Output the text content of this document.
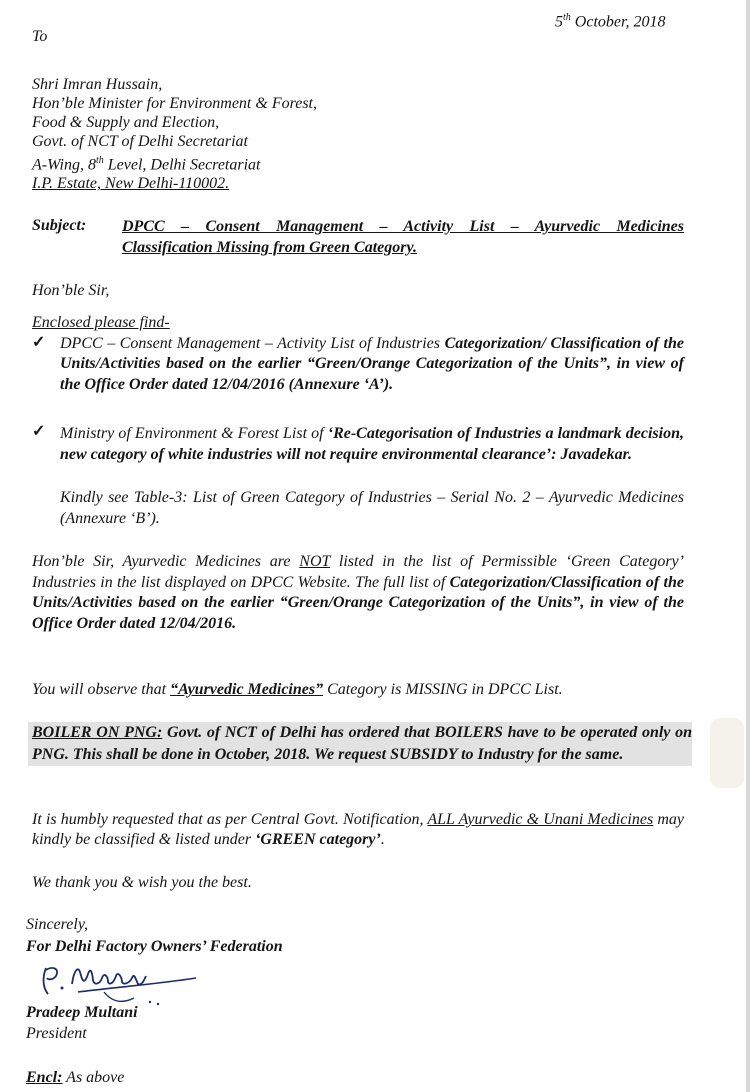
5th October, 2018
To
Shri Imran Hussain,
Hon’ble Minister for Environment & Forest,
Food & Supply and Election,
Govt. of NCT of Delhi Secretariat
A-Wing, 8th Level, Delhi Secretariat
I.P. Estate, New Delhi-110002.
Subject: DPCC – Consent Management – Activity List – Ayurvedic Medicines
Classification Missing from Green Category.
Hon’ble Sir,
Enclosed please find-
✓ DPCC – Consent Management – Activity List of Industries Categorization/ Classification of the Units/Activities based on the earlier “Green/Orange Categorization of the Units”, in view of the Office Order dated 12/04/2016 (Annexure ‘A’).
✓ Ministry of Environment & Forest List of ‘Re-Categorisation of Industries a landmark decision, new category of white industries will not require environmental clearance’: Javadekar.
Kindly see Table-3: List of Green Category of Industries – Serial No. 2 – Ayurvedic Medicines (Annexure ‘B’).
Hon’ble Sir, Ayurvedic Medicines are NOT listed in the list of Permissible ‘Green Category’ Industries in the list displayed on DPCC Website. The full list of Categorization/Classification of the Units/Activities based on the earlier “Green/Orange Categorization of the Units”, in view of the Office Order dated 12/04/2016.
You will observe that “Ayurvedic Medicines” Category is MISSING in DPCC List.
BOILER ON PNG: Govt. of NCT of Delhi has ordered that BOILERS have to be operated only on PNG. This shall be done in October, 2018. We request SUBSIDY to Industry for the same.
It is humbly requested that as per Central Govt. Notification, ALL Ayurvedic & Unani Medicines may kindly be classified & listed under ‘GREEN category’.
We thank you & wish you the best.
Sincerely,
For Delhi Factory Owners’ Federation
Pradeep Multani
President
Encl: As above
